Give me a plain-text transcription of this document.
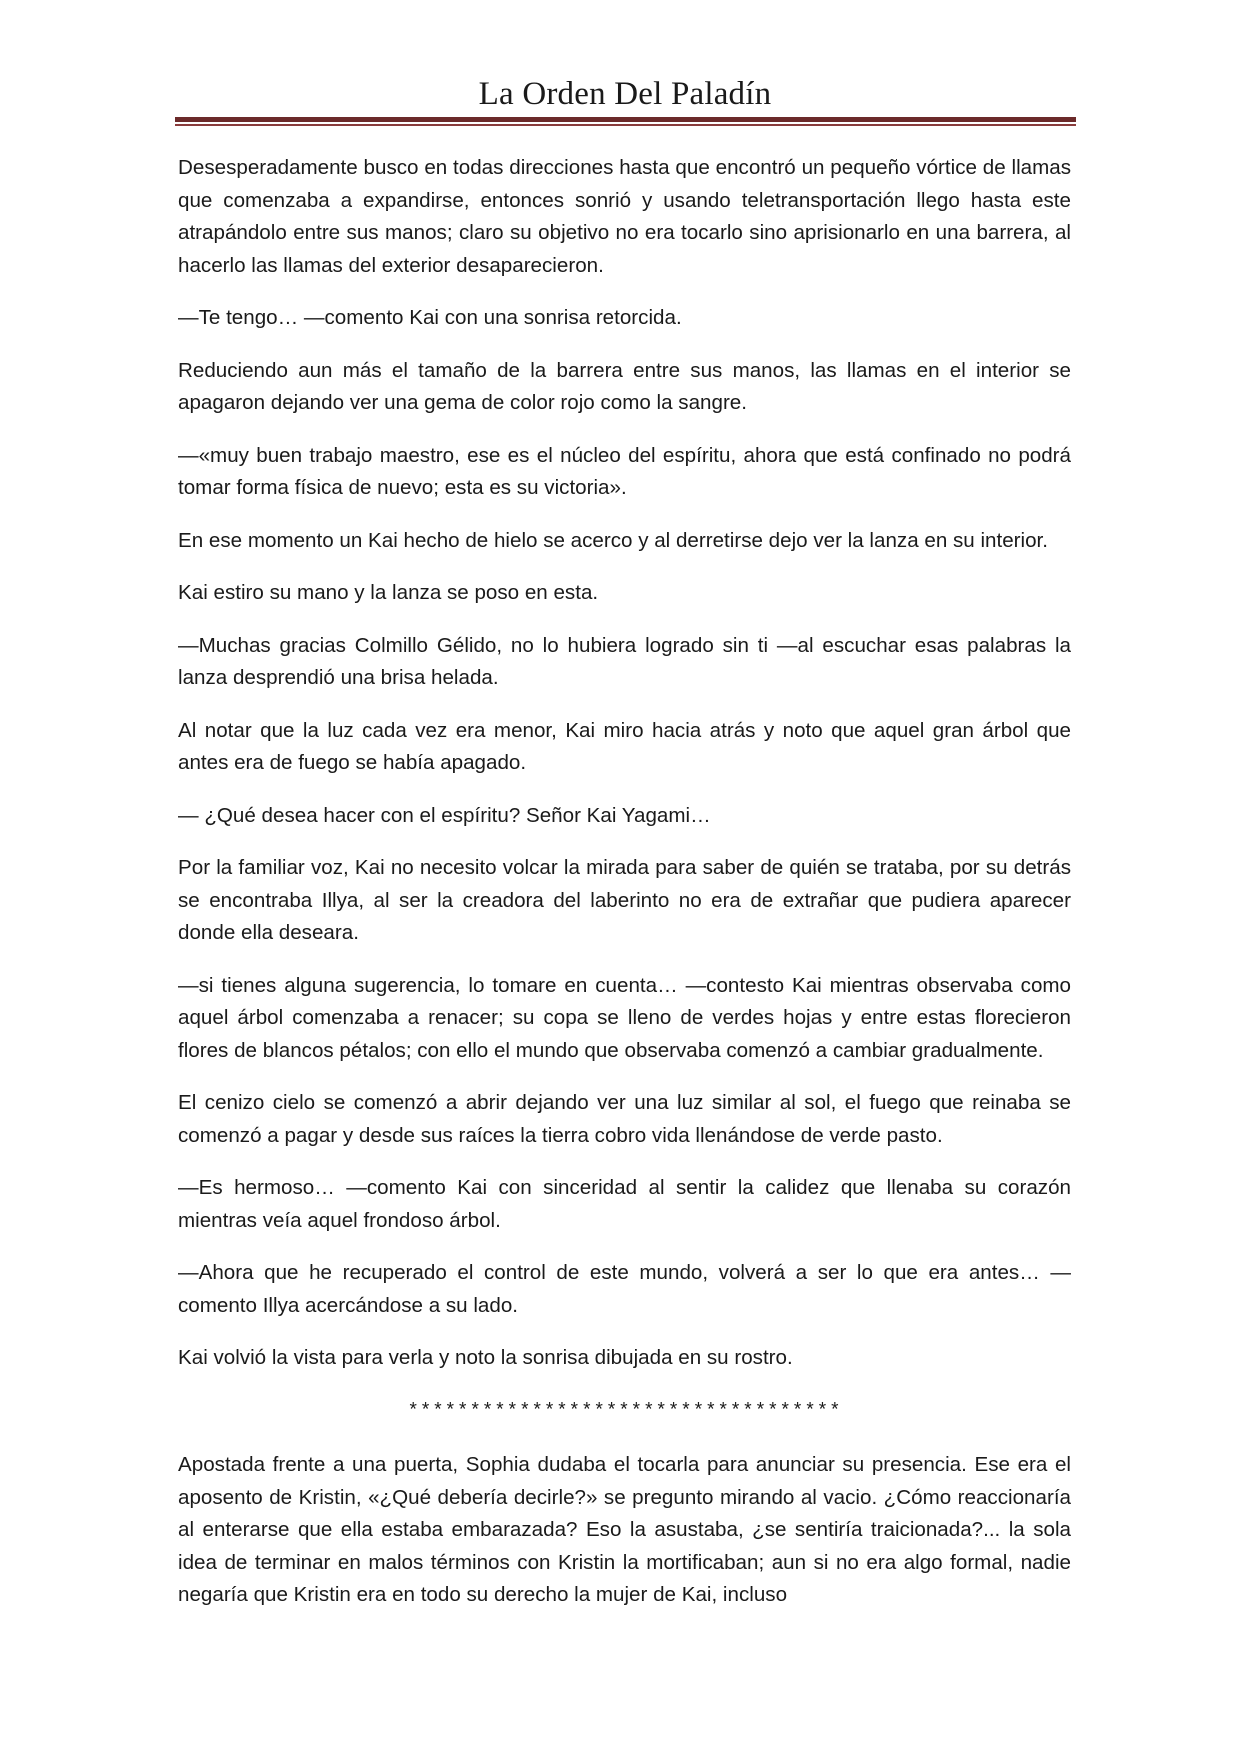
La Orden Del Paladín

Desesperadamente busco en todas direcciones hasta que encontró un pequeño vórtice de llamas que comenzaba a expandirse, entonces sonrió y usando teletransportación llego hasta este atrapándolo entre sus manos; claro su objetivo no era tocarlo sino aprisionarlo en una barrera, al hacerlo las llamas del exterior desaparecieron.

—Te tengo… —comento Kai con una sonrisa retorcida.

Reduciendo aun más el tamaño de la barrera entre sus manos, las llamas en el interior se apagaron dejando ver una gema de color rojo como la sangre.

—«muy buen trabajo maestro, ese es el núcleo del espíritu, ahora que está confinado no podrá tomar forma física de nuevo; esta es su victoria».

En ese momento un Kai hecho de hielo se acerco y al derretirse dejo ver la lanza en su interior.

Kai estiro su mano y la lanza se poso en esta.

—Muchas gracias Colmillo Gélido, no lo hubiera logrado sin ti —al escuchar esas palabras la lanza desprendió una brisa helada.

Al notar que la luz cada vez era menor, Kai miro hacia atrás y noto que aquel gran árbol que antes era de fuego se había apagado.

— ¿Qué desea hacer con el espíritu? Señor Kai Yagami…

Por la familiar voz, Kai no necesito volcar la mirada para saber de quién se trataba, por su detrás se encontraba Illya, al ser la creadora del laberinto no era de extrañar que pudiera aparecer donde ella deseara.

—si tienes alguna sugerencia, lo tomare en cuenta… —contesto Kai mientras observaba como aquel árbol comenzaba a renacer; su copa se lleno de verdes hojas y entre estas florecieron flores de blancos pétalos; con ello el mundo que observaba comenzó a cambiar gradualmente.

El cenizo cielo se comenzó a abrir dejando ver una luz similar al sol, el fuego que reinaba se comenzó a pagar y desde sus raíces la tierra cobro vida llenándose de verde pasto.

—Es hermoso… —comento Kai con sinceridad al sentir la calidez que llenaba su corazón mientras veía aquel frondoso árbol.

—Ahora que he recuperado el control de este mundo, volverá a ser lo que era antes… —comento Illya acercándose a su lado.

Kai volvió la vista para verla y noto la sonrisa dibujada en su rostro.

***********************************

Apostada frente a una puerta, Sophia dudaba el tocarla para anunciar su presencia. Ese era el aposento de Kristin, «¿Qué debería decirle?» se pregunto mirando al vacio. ¿Cómo reaccionaría al enterarse que ella estaba embarazada? Eso la asustaba, ¿se sentiría traicionada?... la sola idea de terminar en malos términos con Kristin la mortificaban; aun si no era algo formal, nadie negaría que Kristin era en todo su derecho la mujer de Kai, incluso
